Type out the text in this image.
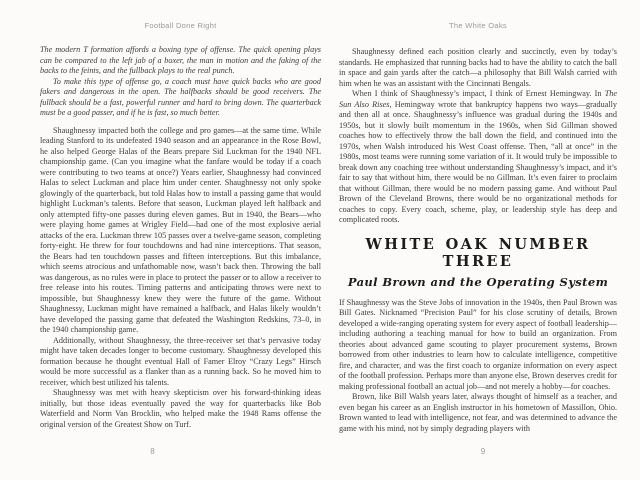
Football Done Right

The modern T formation affords a boxing type of offense. The quick opening plays can be compared to the left jab of a boxer, the man in motion and the faking of the backs to the feints, and the fullback plays to the real punch.

To make this type of offense go, a coach must have quick backs who are good fakers and dangerous in the open. The halfbacks should be good receivers. The fullback should be a fast, powerful runner and hard to bring down. The quarterback must be a good passer, and if he is fast, so much better.

Shaughnessy impacted both the college and pro games—at the same time. While leading Stanford to its undefeated 1940 season and an appearance in the Rose Bowl, he also helped George Halas of the Bears prepare Sid Luckman for the 1940 NFL championship game. (Can you imagine what the fanfare would be today if a coach were contributing to two teams at once?) Years earlier, Shaughnessy had convinced Halas to select Luckman and place him under center. Shaughnessy not only spoke glowingly of the quarterback, but told Halas how to install a passing game that would highlight Luckman’s talents. Before that season, Luckman played left halfback and only attempted fifty-one passes during eleven games. But in 1940, the Bears—who were playing home games at Wrigley Field—had one of the most explosive aerial attacks of the era. Luckman threw 105 passes over a twelve-game season, completing forty-eight. He threw for four touchdowns and had nine interceptions. That season, the Bears had ten touchdown passes and fifteen interceptions. But this imbalance, which seems atrocious and unfathomable now, wasn’t back then. Throwing the ball was dangerous, as no rules were in place to protect the passer or to allow a receiver to free release into his routes. Timing patterns and anticipating throws were next to impossible, but Shaughnessy knew they were the future of the game. Without Shaughnessy, Luckman might have remained a halfback, and Halas likely wouldn’t have developed the passing game that defeated the Washington Redskins, 73–0, in the 1940 championship game.

Additionally, without Shaughnessy, the three-receiver set that’s pervasive today might have taken decades longer to become customary. Shaughnessy developed this formation because he thought eventual Hall of Famer Elroy “Crazy Legs” Hirsch would be more successful as a flanker than as a running back. So he moved him to receiver, which best utilized his talents.

Shaughnessy was met with heavy skepticism over his forward-thinking ideas initially, but those ideas eventually paved the way for quarterbacks like Bob Waterfield and Norm Van Brocklin, who helped make the 1948 Rams offense the original version of the Greatest Show on Turf.

8
The White Oaks

Shaughnessy defined each position clearly and succinctly, even by today’s standards. He emphasized that running backs had to have the ability to catch the ball in space and gain yards after the catch—a philosophy that Bill Walsh carried with him when he was an assistant with the Cincinnati Bengals.

When I think of Shaughnessy’s impact, I think of Ernest Hemingway. In The Sun Also Rises, Hemingway wrote that bankruptcy happens two ways—gradually and then all at once. Shaughnessy’s influence was gradual during the 1940s and 1950s, but it slowly built momentum in the 1960s, when Sid Gillman showed coaches how to effectively throw the ball down the field, and continued into the 1970s, when Walsh introduced his West Coast offense. Then, “all at once” in the 1980s, most teams were running some variation of it. It would truly be impossible to break down any coaching tree without understanding Shaughnessy’s impact, and it’s fair to say that without him, there would be no Gillman. It’s even fairer to proclaim that without Gillman, there would be no modern passing game. And without Paul Brown of the Cleveland Browns, there would be no organizational methods for coaches to copy. Every coach, scheme, play, or leadership style has deep and complicated roots.

WHITE OAK NUMBER THREE
Paul Brown and the Operating System

If Shaughnessy was the Steve Jobs of innovation in the 1940s, then Paul Brown was Bill Gates. Nicknamed “Precision Paul” for his close scrutiny of details, Brown developed a wide-ranging operating system for every aspect of football leadership—including authoring a teaching manual for how to build an organization. From theories about advanced game scouting to player procurement systems, Brown borrowed from other industries to learn how to calculate intelligence, competitive fire, and character, and was the first coach to organize information on every aspect of the football profession. Perhaps more than anyone else, Brown deserves credit for making professional football an actual job—and not merely a hobby—for coaches.

Brown, like Bill Walsh years later, always thought of himself as a teacher, and even began his career as an English instructor in his hometown of Massillon, Ohio. Brown wanted to lead with intelligence, not fear, and was determined to advance the game with his mind, not by simply degrading players with

9
